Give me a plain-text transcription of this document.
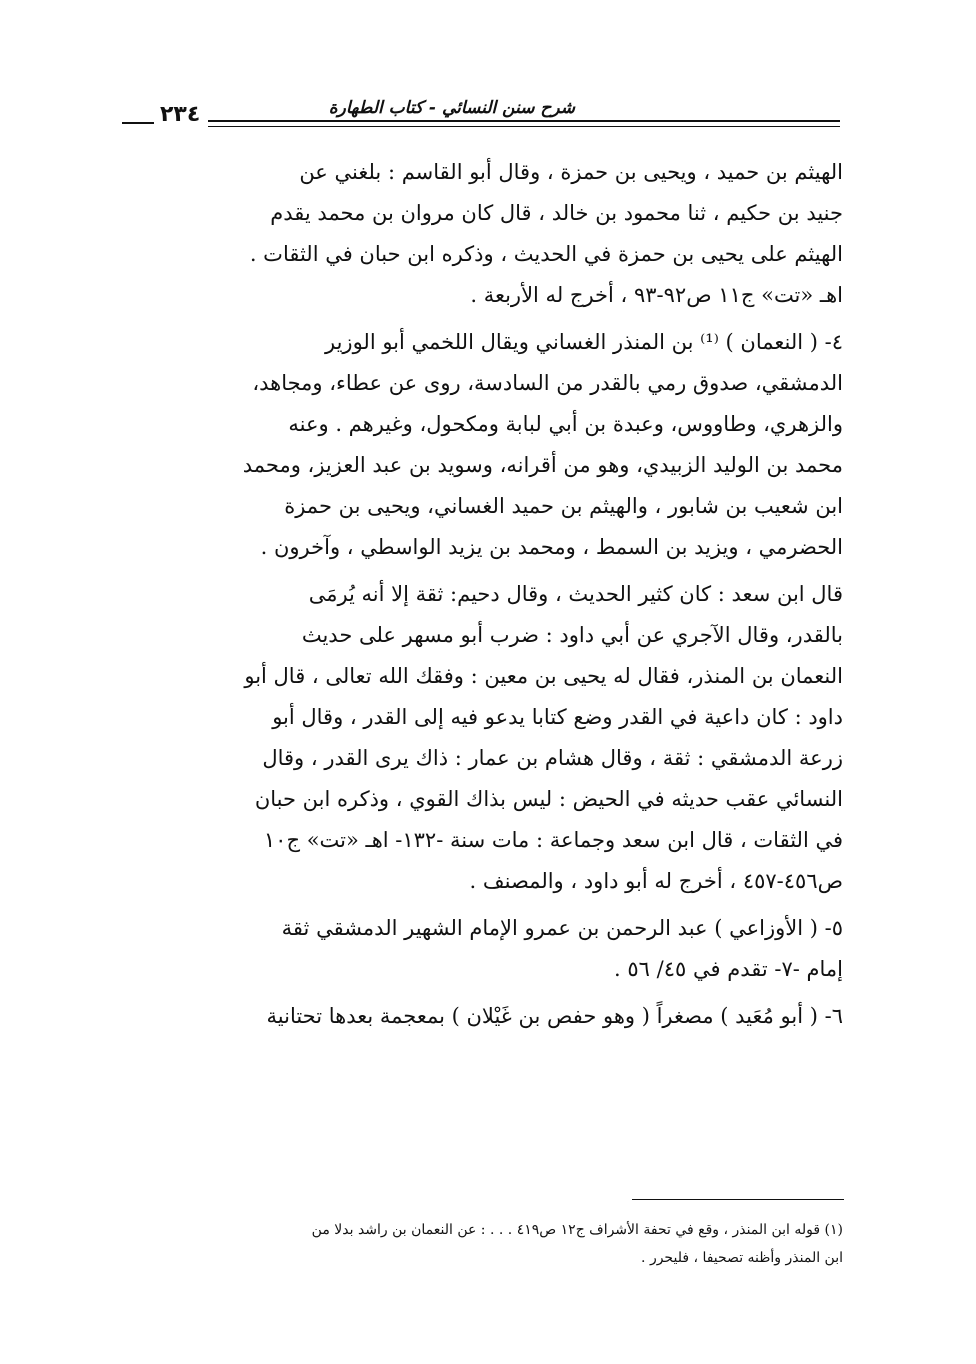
شرح سنن النسائي - كتاب الطهارة
٢٣٤
الهيثم بن حميد ، ويحيى بن حمزة ، وقال أبو القاسم : بلغني عن
جنيد بن حكيم ، ثنا محمود بن خالد ، قال كان مروان بن محمد يقدم
الهيثم على يحيى بن حمزة في الحديث ، وذكره ابن حبان في الثقات .
اهـ «تت» ج١١ ص٩٢-٩٣ ، أخرج له الأربعة .
٤- ( النعمان ) ⁽¹⁾ بن المنذر الغساني ويقال اللخمي أبو الوزير
الدمشقي، صدوق رمي بالقدر من السادسة، روى عن عطاء، ومجاهد،
والزهري، وطاووس، وعبدة بن أبي لبابة ومكحول، وغيرهم . وعنه
محمد بن الوليد الزبيدي، وهو من أقرانه، وسويد بن عبد العزيز، ومحمد
ابن شعيب بن شابور ، والهيثم بن حميد الغساني، ويحيى بن حمزة
الحضرمي ، ويزيد بن السمط ، ومحمد بن يزيد الواسطي ، وآخرون .
قال ابن سعد : كان كثير الحديث ، وقال دحيم: ثقة إلا أنه يُرمَى
بالقدر، وقال الآجري عن أبي داود : ضرب أبو مسهر على حديث
النعمان بن المنذر، فقال له يحيى بن معين : وفقك الله تعالى ، قال أبو
داود : كان داعية في القدر وضع كتابا يدعو فيه إلى القدر ، وقال أبو
زرعة الدمشقي : ثقة ، وقال هشام بن عمار : ذاك يرى القدر ، وقال
النسائي عقب حديثه في الحيض : ليس بذاك القوي ، وذكره ابن حبان
في الثقات ، قال ابن سعد وجماعة : مات سنة -١٣٢- اهـ «تت» ج١٠
ص٤٥٦-٤٥٧ ، أخرج له أبو داود ، والمصنف .
٥- ( الأوزاعي ) عبد الرحمن بن عمرو الإمام الشهير الدمشقي ثقة
إمام -٧- تقدم في ٤٥/ ٥٦ .
٦- ( أبو مُعَيد ) مصغراً ( وهو حفص بن غَيْلان ) بمعجمة بعدها تحتانية
(١) قوله ابن المنذر ، وقع في تحفة الأشراف ج١٢ ص٤١٩ . . . : عن النعمان بن راشد بدلا من
ابن المنذر وأظنه تصحيفا ، فليحرر .
